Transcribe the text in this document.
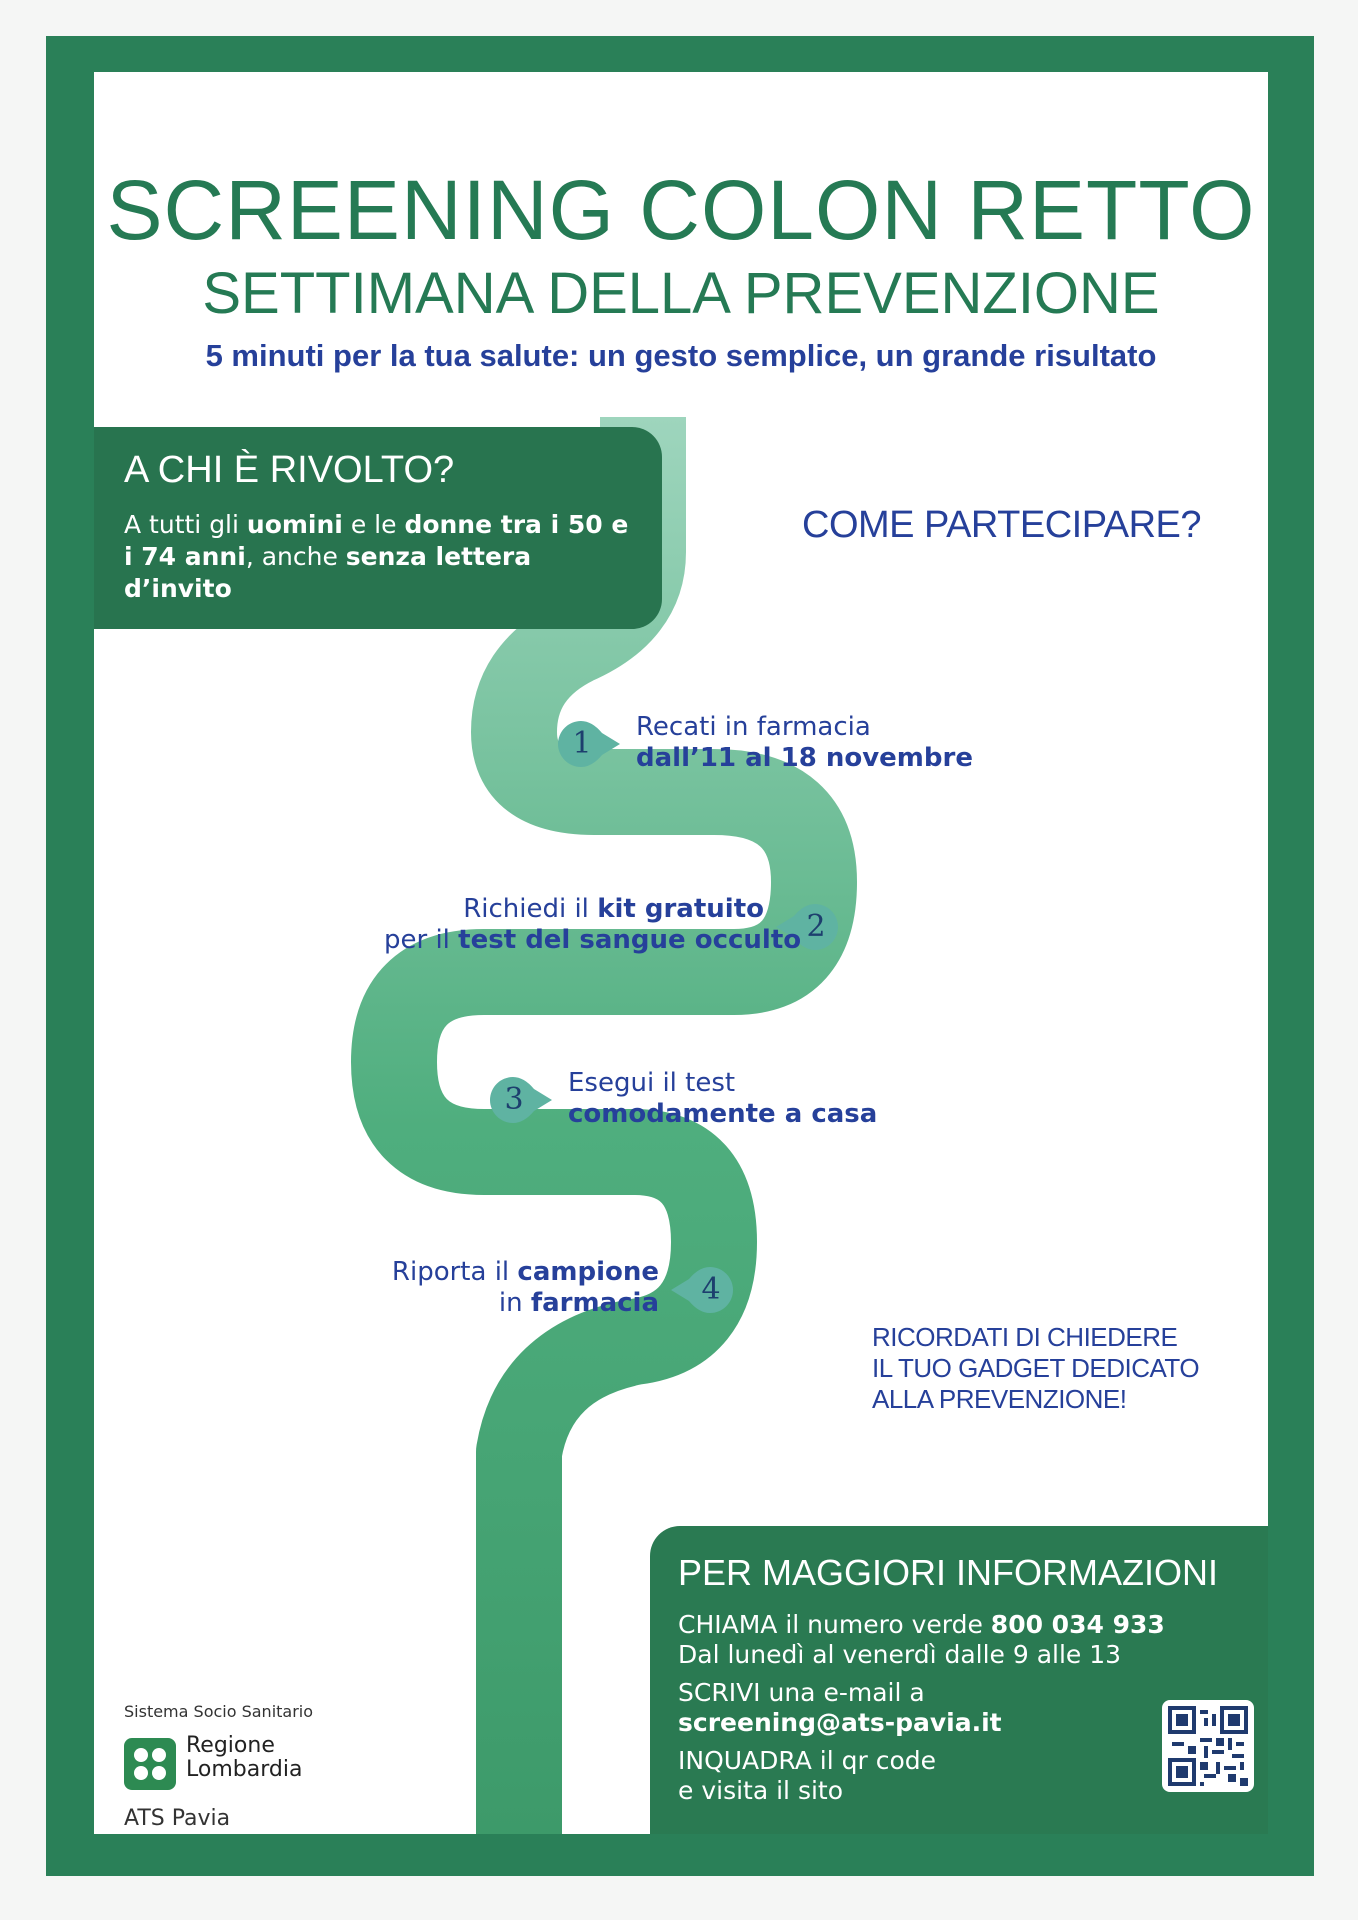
SCREENING COLON RETTO
SETTIMANA DELLA PREVENZIONE
5 minuti per la tua salute: un gesto semplice, un grande risultato
A CHI È RIVOLTO?
A tutti gli uomini e le donne tra i 50 e i 74 anni, anche senza lettera d’invito
COME PARTECIPARE?
1	Recati in farmacia
dall’11 al 18 novembre
2
Richiedi il kit gratuito
per il test del sangue occulto
3	Esegui il test
comodamente a casa
4
Riporta il campione
in farmacia
RICORDATI DI CHIEDERE
IL TUO GADGET DEDICATO
ALLA PREVENZIONE!
PER MAGGIORI INFORMAZIONI
CHIAMA il numero verde 800 034 933
Dal lunedì al venerdì dalle 9 alle 13
SCRIVI una e-mail a
screening@ats-pavia.it
INQUADRA il qr code
e visita il sito
Sistema Socio Sanitario
Regione
Lombardia
ATS Pavia
